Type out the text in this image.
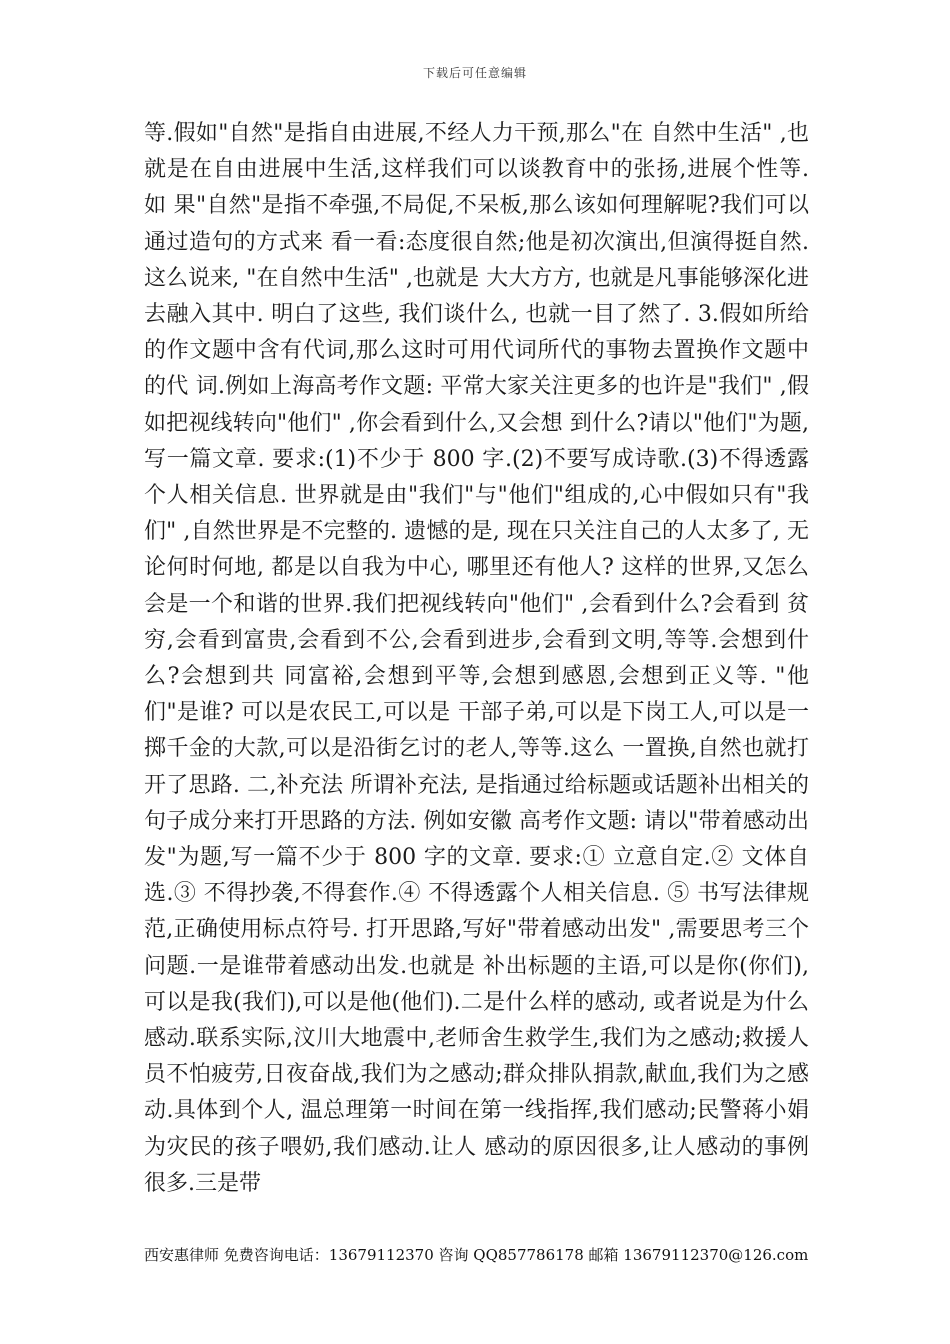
下载后可任意编辑

等.假如"自然"是指自由进展,不经人力干预,那么"在 自然中生活" ,也就是在自由进展中生活,这样我们可以谈教育中的张扬,进展个性等. 如 果"自然"是指不牵强,不局促,不呆板,那么该如何理解呢?我们可以通过造句的方式来 看一看:态度很自然;他是初次演出,但演得挺自然. 这么说来, "在自然中生活" ,也就是 大大方方, 也就是凡事能够深化进去融入其中. 明白了这些, 我们谈什么, 也就一目了然了. 3.假如所给的作文题中含有代词,那么这时可用代词所代的事物去置换作文题中的代 词.例如上海高考作文题: 平常大家关注更多的也许是"我们" ,假如把视线转向"他们" ,你会看到什么,又会想 到什么?请以"他们"为题,写一篇文章. 要求:(1)不少于 800 字.(2)不要写成诗歌.(3)不得透露个人相关信息. 世界就是由"我们"与"他们"组成的,心中假如只有"我们" ,自然世界是不完整的. 遗憾的是, 现在只关注自己的人太多了, 无论何时何地, 都是以自我为中心, 哪里还有他人? 这样的世界,又怎么会是一个和谐的世界.我们把视线转向"他们" ,会看到什么?会看到 贫穷,会看到富贵,会看到不公,会看到进步,会看到文明,等等.会想到什么?会想到共 同富裕,会想到平等,会想到感恩,会想到正义等. "他们"是谁? 可以是农民工,可以是 干部子弟,可以是下岗工人,可以是一掷千金的大款,可以是沿街乞讨的老人,等等.这么 一置换,自然也就打开了思路. 二,补充法 所谓补充法, 是指通过给标题或话题补出相关的句子成分来打开思路的方法. 例如安徽 高考作文题: 请以"带着感动出发"为题,写一篇不少于 800 字的文章. 要求:① 立意自定.② 文体自选.③ 不得抄袭,不得套作.④ 不得透露个人相关信息. ⑤ 书写法律规范,正确使用标点符号. 打开思路,写好"带着感动出发" ,需要思考三个问题.一是谁带着感动出发.也就是 补出标题的主语,可以是你(你们),可以是我(我们),可以是他(他们).二是什么样的感动, 或者说是为什么感动.联系实际,汶川大地震中,老师舍生救学生,我们为之感动;救援人 员不怕疲劳,日夜奋战,我们为之感动;群众排队捐款,献血,我们为之感动.具体到个人, 温总理第一时间在第一线指挥,我们感动;民警蒋小娟为灾民的孩子喂奶,我们感动.让人 感动的原因很多,让人感动的事例很多.三是带

西安惠律师 免费咨询电话：13679112370 咨询 QQ857786178 邮箱 13679112370@126.com
